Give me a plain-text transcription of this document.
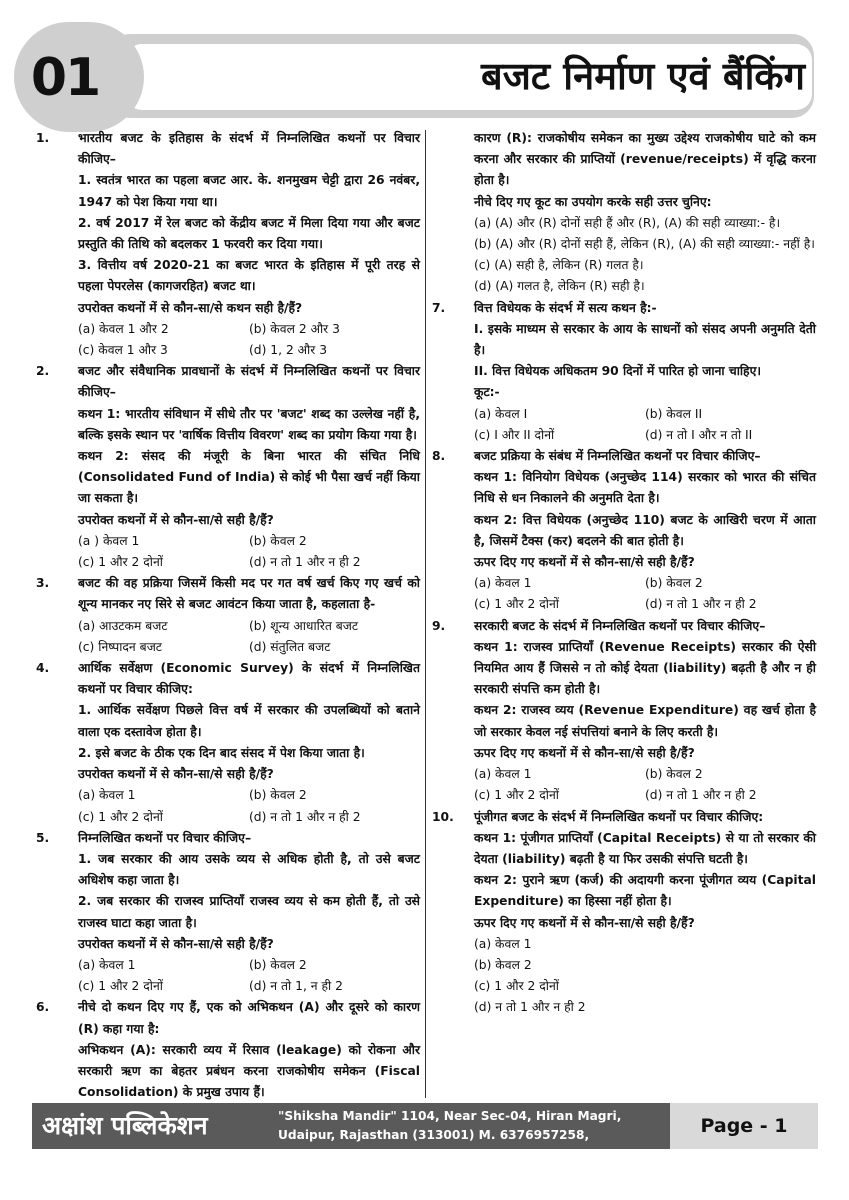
01	बजट निर्माण एवं बैंकिंग
1.	भारतीय बजट के इतिहास के संदर्भ में निम्नलिखित कथनों पर विचार कीजिए–
1. स्वतंत्र भारत का पहला बजट आर. के. शनमुखम चेट्टी द्वारा 26 नवंबर, 1947 को पेश किया गया था।
2. वर्ष 2017 में रेल बजट को केंद्रीय बजट में मिला दिया गया और बजट प्रस्तुति की तिथि को बदलकर 1 फरवरी कर दिया गया।
3. वित्तीय वर्ष 2020-21 का बजट भारत के इतिहास में पूरी तरह से पहला पेपरलेस (कागजरहित) बजट था।
उपरोक्त कथनों में से कौन-सा/से कथन सही है/हैं?
(a) केवल 1 और 2	(b) केवल 2 और 3
(c) केवल 1 और 3	(d) 1, 2 और 3
2.	बजट और संवैधानिक प्रावधानों के संदर्भ में निम्नलिखित कथनों पर विचार कीजिए–
कथन 1: भारतीय संविधान में सीधे तौर पर 'बजट' शब्द का उल्लेख नहीं है, बल्कि इसके स्थान पर 'वार्षिक वित्तीय विवरण' शब्द का प्रयोग किया गया है।
कथन 2: संसद की मंजूरी के बिना भारत की संचित निधि (Consolidated Fund of India) से कोई भी पैसा खर्च नहीं किया जा सकता है।
उपरोक्त कथनों में से कौन-सा/से सही है/हैं?
(a ) केवल 1	(b) केवल 2
(c) 1 और 2 दोनों	(d) न तो 1 और न ही 2
3.	बजट की वह प्रक्रिया जिसमें किसी मद पर गत वर्ष खर्च किए गए खर्च को शून्य मानकर नए सिरे से बजट आवंटन किया जाता है, कहलाता है-
(a) आउटकम बजट	(b) शून्य आधारित बजट
(c) निष्पादन बजट	(d) संतुलित बजट
4.	आर्थिक सर्वेक्षण (Economic Survey) के संदर्भ में निम्नलिखित कथनों पर विचार कीजिए:
1. आर्थिक सर्वेक्षण पिछले वित्त वर्ष में सरकार की उपलब्धियों को बताने वाला एक दस्तावेज होता है।
2. इसे बजट के ठीक एक दिन बाद संसद में पेश किया जाता है।
उपरोक्त कथनों में से कौन-सा/से सही है/हैं?
(a) केवल 1	(b) केवल 2
(c) 1 और 2 दोनों	(d) न तो 1 और न ही 2
5.	निम्नलिखित कथनों पर विचार कीजिए–
1. जब सरकार की आय उसके व्यय से अधिक होती है, तो उसे बजट अधिशेष कहा जाता है।
2. जब सरकार की राजस्व प्राप्तियाँ राजस्व व्यय से कम होती हैं, तो उसे राजस्व घाटा कहा जाता है।
उपरोक्त कथनों में से कौन-सा/से सही है/हैं?
(a) केवल 1	(b) केवल 2
(c) 1 और 2 दोनों	(d) न तो 1, न ही 2
6.	नीचे दो कथन दिए गए हैं, एक को अभिकथन (A) और दूसरे को कारण (R) कहा गया है:
अभिकथन (A): सरकारी व्यय में रिसाव (leakage) को रोकना और सरकारी ऋण का बेहतर प्रबंधन करना राजकोषीय समेकन (Fiscal Consolidation) के प्रमुख उपाय हैं।
कारण (R): राजकोषीय समेकन का मुख्य उद्देश्य राजकोषीय घाटे को कम करना और सरकार की प्राप्तियों (revenue/receipts) में वृद्धि करना होता है।
नीचे दिए गए कूट का उपयोग करके सही उत्तर चुनिए:
(a) (A) और (R) दोनों सही हैं और (R), (A) की सही व्याख्या:- है।
(b) (A) और (R) दोनों सही हैं, लेकिन (R), (A) की सही व्याख्या:- नहीं है।
(c) (A) सही है, लेकिन (R) गलत है।
(d) (A) गलत है, लेकिन (R) सही है।
7.	वित्त विधेयक के संदर्भ में सत्य कथन है:-
I. इसके माध्यम से सरकार के आय के साधनों को संसद अपनी अनुमति देती है।
II. वित्त विधेयक अधिकतम 90 दिनों में पारित हो जाना चाहिए।
कूट:-
(a) केवल I	(b) केवल II
(c) I और II दोनों	(d) न तो I और न तो II
8.	बजट प्रक्रिया के संबंध में निम्नलिखित कथनों पर विचार कीजिए–
कथन 1: विनियोग विधेयक (अनुच्छेद 114) सरकार को भारत की संचित निधि से धन निकालने की अनुमति देता है।
कथन 2: वित्त विधेयक (अनुच्छेद 110) बजट के आखिरी चरण में आता है, जिसमें टैक्स (कर) बदलने की बात होती है।
ऊपर दिए गए कथनों में से कौन-सा/से सही है/हैं?
(a) केवल 1	(b) केवल 2
(c) 1 और 2 दोनों	(d) न तो 1 और न ही 2
9.	सरकारी बजट के संदर्भ में निम्नलिखित कथनों पर विचार कीजिए–
कथन 1: राजस्व प्राप्तियाँ (Revenue Receipts) सरकार की ऐसी नियमित आय हैं जिससे न तो कोई देयता (liability) बढ़ती है और न ही सरकारी संपत्ति कम होती है।
कथन 2: राजस्व व्यय (Revenue Expenditure) वह खर्च होता है जो सरकार केवल नई संपत्तियां बनाने के लिए करती है।
ऊपर दिए गए कथनों में से कौन-सा/से सही है/हैं?
(a) केवल 1	(b) केवल 2
(c) 1 और 2 दोनों	(d) न तो 1 और न ही 2
10.	पूंजीगत बजट के संदर्भ में निम्नलिखित कथनों पर विचार कीजिए:
कथन 1: पूंजीगत प्राप्तियाँ (Capital Receipts) से या तो सरकार की देयता (liability) बढ़ती है या फिर उसकी संपत्ति घटती है।
कथन 2: पुराने ऋण (कर्ज) की अदायगी करना पूंजीगत व्यय (Capital Expenditure) का हिस्सा नहीं होता है।
ऊपर दिए गए कथनों में से कौन-सा/से सही है/हैं?
(a) केवल 1
(b) केवल 2
(c) 1 और 2 दोनों
(d) न तो 1 और न ही 2
अक्षांश पब्लिकेशन	"Shiksha Mandir" 1104, Near Sec-04, Hiran Magri,
Udaipur, Rajasthan (313001) M. 6376957258, 6376491126
Page - 1
